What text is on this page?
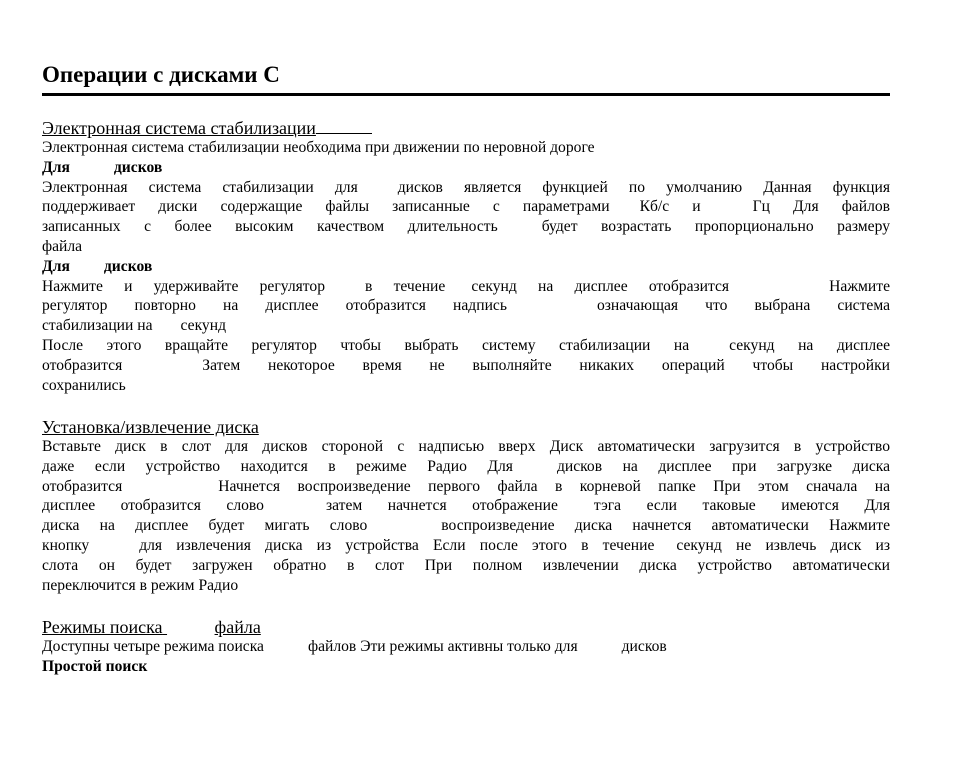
Операции с дисками C
Электронная система стабилизации
Электронная система стабилизации необходима при движении по неровной дороге
Для	дисков
Электронная система стабилизации для	дисков является функцией по умолчанию Данная функция
поддерживает диски содержащие файлы записанные с параметрами Кб/с и	Гц Для файлов
записанных с более высоким качеством длительность	будет возрастать пропорционально размеру
файла
Для дисков
Нажмите и удерживайте регулятор	в течение секунд на дисплее отобразится	Нажмите
регулятор повторно на дисплее отобразится надпись	означающая что выбрана система
стабилизации на секунд
После этого вращайте регулятор чтобы выбрать систему стабилизации на	секунд на дисплее
отобразится	Затем некоторое время не выполняйте никаких операций чтобы настройки
сохранились
Установка/извлечение диска
Вставьте диск в слот для дисков стороной с надписью вверх Диск автоматически загрузится в устройство
даже если устройство находится в режиме Радио Для	дисков на дисплее при загрузке диска
отобразится	Начнется воспроизведение первого файла в корневой папке При этом сначала на
дисплее отобразится слово	затем начнется отображение тэга если таковые имеются Для
диска на дисплее будет мигать слово	воспроизведение диска начнется автоматически Нажмите
кнопку	для извлечения диска из устройства Если после этого в течение секунд не извлечь диск из
слота он будет загружен обратно в слот При полном извлечении диска устройство автоматически
переключится в режим Радио
Режимы поиска	файла
Доступны четыре режима поиска	файлов Эти режимы активны только для	дисков
Простой поиск
